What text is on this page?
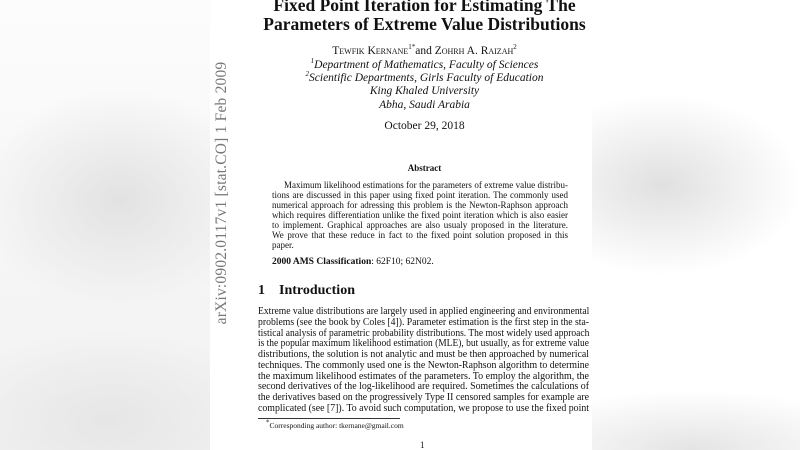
arXiv:0902.0117v1 [stat.CO] 1 Feb 2009
Fixed Point Iteration for Estimating The
Parameters of Extreme Value Distributions
Tewfik Kernane$^{1*}$and Zohrh A. Raizah$^2$
$^1$Department of Mathematics, Faculty of Sciences
$^2$Scientific Departments, Girls Faculty of Education
King Khaled University
Abha, Saudi Arabia
October 29, 2018
Abstract
Maximum likelihood estimations for the parameters of extreme value distribu-
tions are discussed in this paper using fixed point iteration. The commonly used
numerical approach for adressing this problem is the Newton-Raphson approach
which requires differentiation unlike the fixed point iteration which is also easier
to implement. Graphical approaches are also usualy proposed in the literature.
We prove that these reduce in fact to the fixed point solution proposed in this
paper.
2000 AMS Classification: 62F10; 62N02.
1 Introduction
Extreme value distributions are largely used in applied engineering and environmental
problems (see the book by Coles [4]). Parameter estimation is the first step in the sta-
tistical analysis of parametric probability distributions. The most widely used approach
is the popular maximum likelihood estimation (MLE), but usually, as for extreme value
distributions, the solution is not analytic and must be then approached by numerical
techniques. The commonly used one is the Newton-Raphson algorithm to determine
the maximum likelihood estimates of the parameters. To employ the algorithm, the
second derivatives of the log-likelihood are required. Sometimes the calculations of
the derivatives based on the progressively Type II censored samples for example are
complicated (see [7]). To avoid such computation, we propose to use the fixed point
*Corresponding author: tkernane@gmail.com
1
